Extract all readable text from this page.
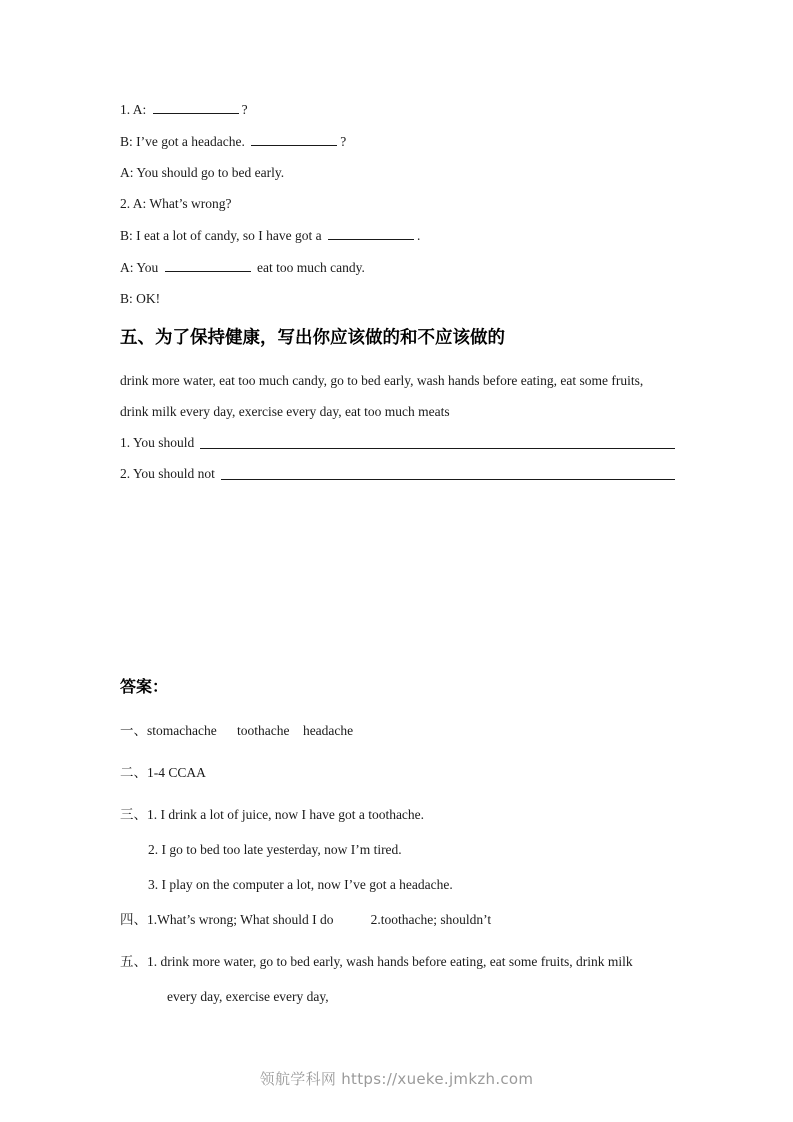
1. A:	?
B: I’ve got a headache.	?
A: You should go to bed early.
2. A: What’s wrong?
B: I eat a lot of candy, so I have got a	.
A: You	eat too much candy.
B: OK!
五、为了保持健康，写出你应该做的和不应该做的
drink more water, eat too much candy, go to bed early, wash hands before eating, eat some fruits,
drink milk every day, exercise every day, eat too much meats
1. You should
2. You should not
答案：
一、stomachache      toothache    headache
二、1-4 CCAA
三、1. I drink a lot of juice, now I have got a toothache.
2. I go to bed too late yesterday, now I’m tired.
3. I play on the computer a lot, now I’ve got a headache.
四、1.What’s wrong; What should I do           2.toothache; shouldn’t
五、1. drink more water, go to bed early, wash hands before eating, eat some fruits, drink milk
every day, exercise every day,
领航学科网 https://xueke.jmkzh.com
